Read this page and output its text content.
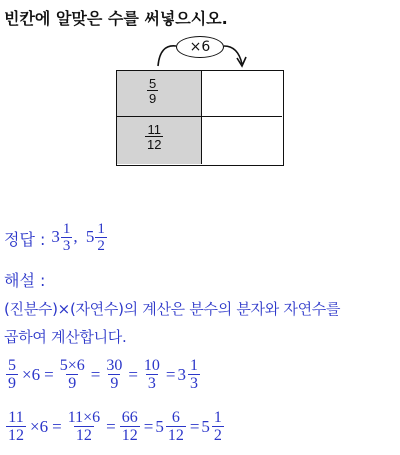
빈칸에 알맞은 수를 써넣으시오.
×6
$\frac{5}{9}$
$\frac{11}{12}$
정답 : $3 \frac{1}{3}$ , $5 \frac{1}{2}$
해설 :
(진분수)×(자연수)의 계산은 분수의 분자와 자연수를
곱하여 계산합니다.
$\frac{5}{9} \times 6 = \frac{5\times 6}{9} = \frac{30}{9} = \frac{10}{3} = 3 \frac{1}{3}$
$\frac{11}{12} \times 6 = \frac{11\times 6}{12} = \frac{66}{12} = 5 \frac{6}{12} = 5 \frac{1}{2}$
